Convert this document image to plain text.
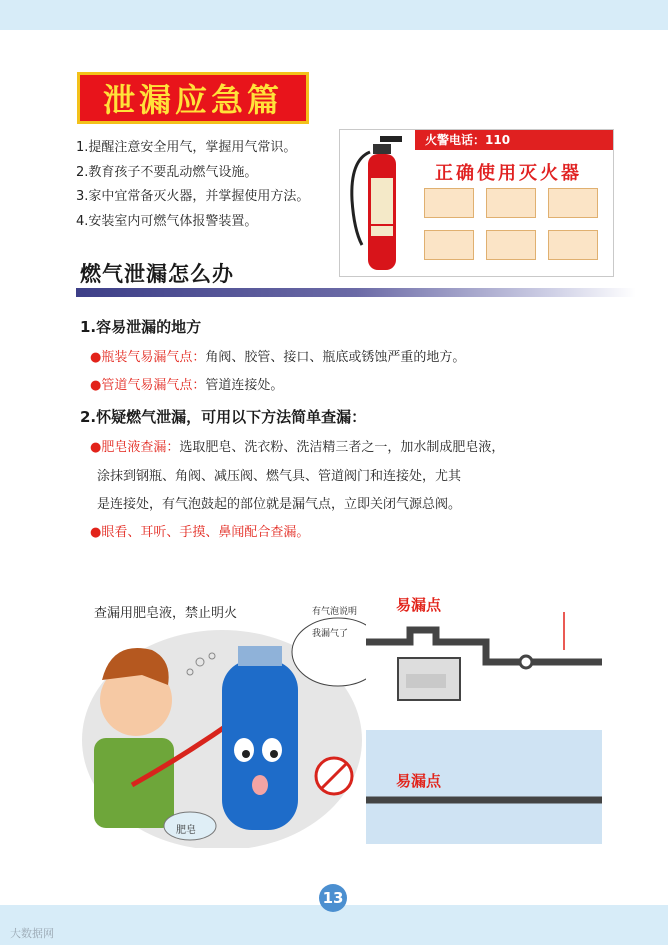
泄漏应急篇
1.提醒注意安全用气，掌握用气常识。
2.教育孩子不要乱动燃气设施。
3.家中宜常备灭火器，并掌握使用方法。
4.安装室内可燃气体报警装置。
火警电话：110
正确使用灭火器
燃气泄漏怎么办
1.容易泄漏的地方
●瓶装气易漏气点：角阀、胶管、接口、瓶底或锈蚀严重的地方。
●管道气易漏气点：管道连接处。
2.怀疑燃气泄漏，可用以下方法简单查漏：
●肥皂液查漏：选取肥皂、洗衣粉、洗洁精三者之一，加水制成肥皂液，
涂抹到钢瓶、角阀、减压阀、燃气具、管道阀门和连接处，尤其
是连接处，有气泡鼓起的部位就是漏气点，立即关闭气源总阀。
●眼看、耳听、手摸、鼻闻配合查漏。
查漏用肥皂液，禁止明火	有气泡说明
我漏气了
肥皂
易漏点
易漏点
13
大数据网
